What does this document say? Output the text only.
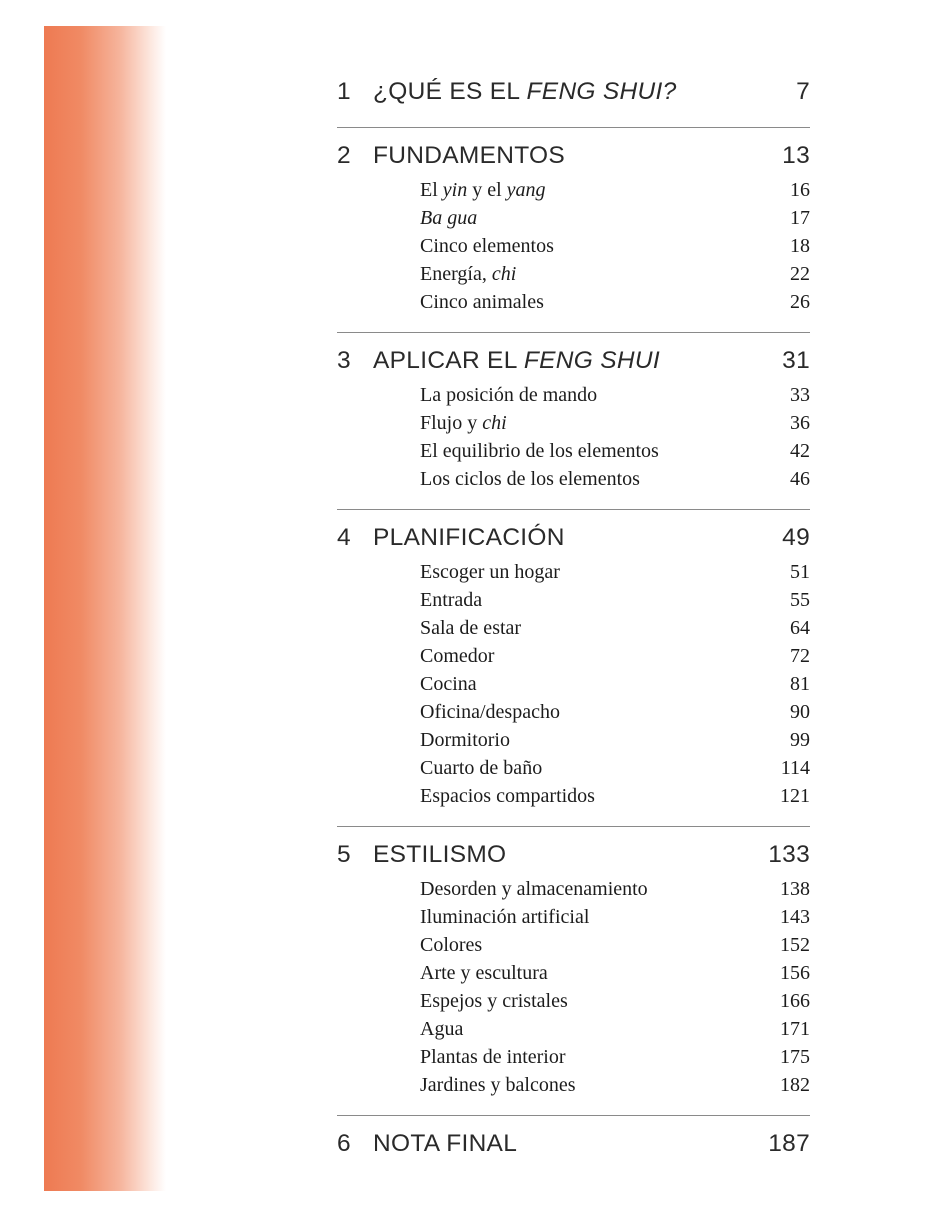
1 ¿QUÉ ES EL FENG SHUI?	7
2 FUNDAMENTOS	13
El yin y el yang	16
Ba gua	17
Cinco elementos	18
Energía, chi	22
Cinco animales	26
3 APLICAR EL FENG SHUI	31
La posición de mando	33
Flujo y chi	36
El equilibrio de los elementos	42
Los ciclos de los elementos	46
4 PLANIFICACIÓN	49
Escoger un hogar	51
Entrada	55
Sala de estar	64
Comedor	72
Cocina	81
Oficina/despacho	90
Dormitorio	99
Cuarto de baño	114
Espacios compartidos	121
5 ESTILISMO	133
Desorden y almacenamiento	138
Iluminación artificial	143
Colores	152
Arte y escultura	156
Espejos y cristales	166
Agua	171
Plantas de interior	175
Jardines y balcones	182
6 NOTA FINAL	187
